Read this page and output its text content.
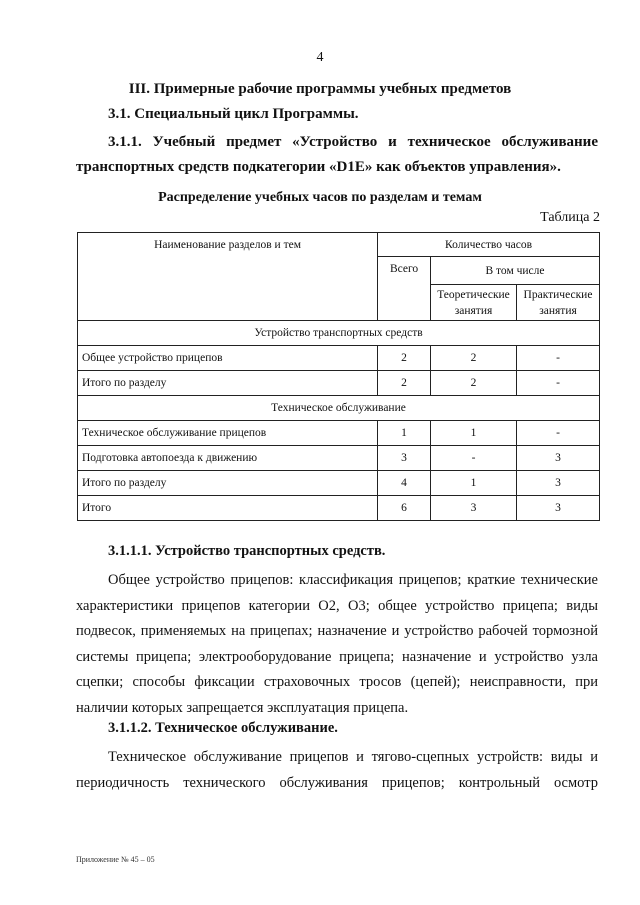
4
III. Примерные рабочие программы учебных предметов
3.1. Специальный цикл Программы.
3.1.1. Учебный предмет «Устройство и техническое обслуживание
транспортных средств подкатегории «D1E» как объектов управления».
Распределение учебных часов по разделам и темам
Таблица 2
Наименование разделов и тем	Количество часов		
	Всего	В том числе	
		Теоретические занятия	Практические занятия
Устройство транспортных средств			
Общее устройство прицепов	2	2	-
Итого по разделу	2	2	-
Техническое обслуживание			
Техническое обслуживание прицепов	1	1	-
Подготовка автопоезда к движению	3	-	3
Итого по разделу	4	1	3
Итого	6	3	3
3.1.1.1. Устройство транспортных средств.
Общее устройство прицепов: классификация прицепов; краткие технические характеристики прицепов категории О2, О3; общее устройство прицепа; виды подвесок, применяемых на прицепах; назначение и устройство рабочей тормозной системы прицепа; электрооборудование прицепа; назначение и устройство узла сцепки; способы фиксации страховочных тросов (цепей); неисправности, при наличии которых запрещается эксплуатация прицепа.
3.1.1.2. Техническое обслуживание.
Техническое обслуживание прицепов и тягово-сцепных устройств: виды и периодичность технического обслуживания прицепов; контрольный осмотр
Приложение № 45 – 05
